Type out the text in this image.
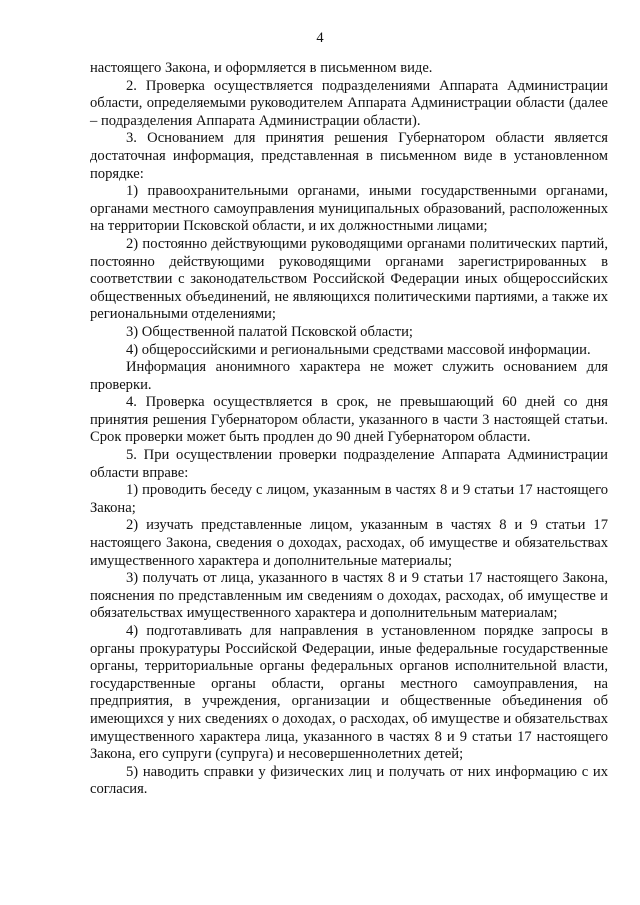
4

настоящего Закона, и оформляется в письменном виде.

2. Проверка осуществляется подразделениями Аппарата Администрации области, определяемыми руководителем Аппарата Администрации области (далее – подразделения Аппарата Администрации области).

3. Основанием для принятия решения Губернатором области является достаточная информация, представленная в письменном виде в установленном порядке:

1) правоохранительными органами, иными государственными органами, органами местного самоуправления муниципальных образований, расположенных на территории Псковской области, и их должностными лицами;

2) постоянно действующими руководящими органами политических партий, постоянно действующими руководящими органами зарегистрированных в соответствии с законодательством Российской Федерации иных общероссийских общественных объединений, не являющихся политическими партиями, а также их региональными отделениями;

3) Общественной палатой Псковской области;

4) общероссийскими и региональными средствами массовой информации.

Информация анонимного характера не может служить основанием для проверки.

4. Проверка осуществляется в срок, не превышающий 60 дней со дня принятия решения Губернатором области, указанного в части 3 настоящей статьи. Срок проверки может быть продлен до 90 дней Губернатором области.

5. При осуществлении проверки подразделение Аппарата Администрации области вправе:

1) проводить беседу с лицом, указанным в частях 8 и 9 статьи 17 настоящего Закона;

2) изучать представленные лицом, указанным в частях 8 и 9 статьи 17 настоящего Закона, сведения о доходах, расходах, об имуществе и обязательствах имущественного характера и дополнительные материалы;

3) получать от лица, указанного в частях 8 и 9 статьи 17 настоящего Закона, пояснения по представленным им сведениям о доходах, расходах, об имуществе и обязательствах имущественного характера и дополнительным материалам;

4) подготавливать для направления в установленном порядке запросы в органы прокуратуры Российской Федерации, иные федеральные государственные органы, территориальные органы федеральных органов исполнительной власти, государственные органы области, органы местного самоуправления, на предприятия, в учреждения, организации и общественные объединения об имеющихся у них сведениях о доходах, о расходах, об имуществе и обязательствах имущественного характера лица, указанного в частях 8 и 9 статьи 17 настоящего Закона, его супруги (супруга) и несовершеннолетних детей;

5) наводить справки у физических лиц и получать от них информацию с их согласия.
